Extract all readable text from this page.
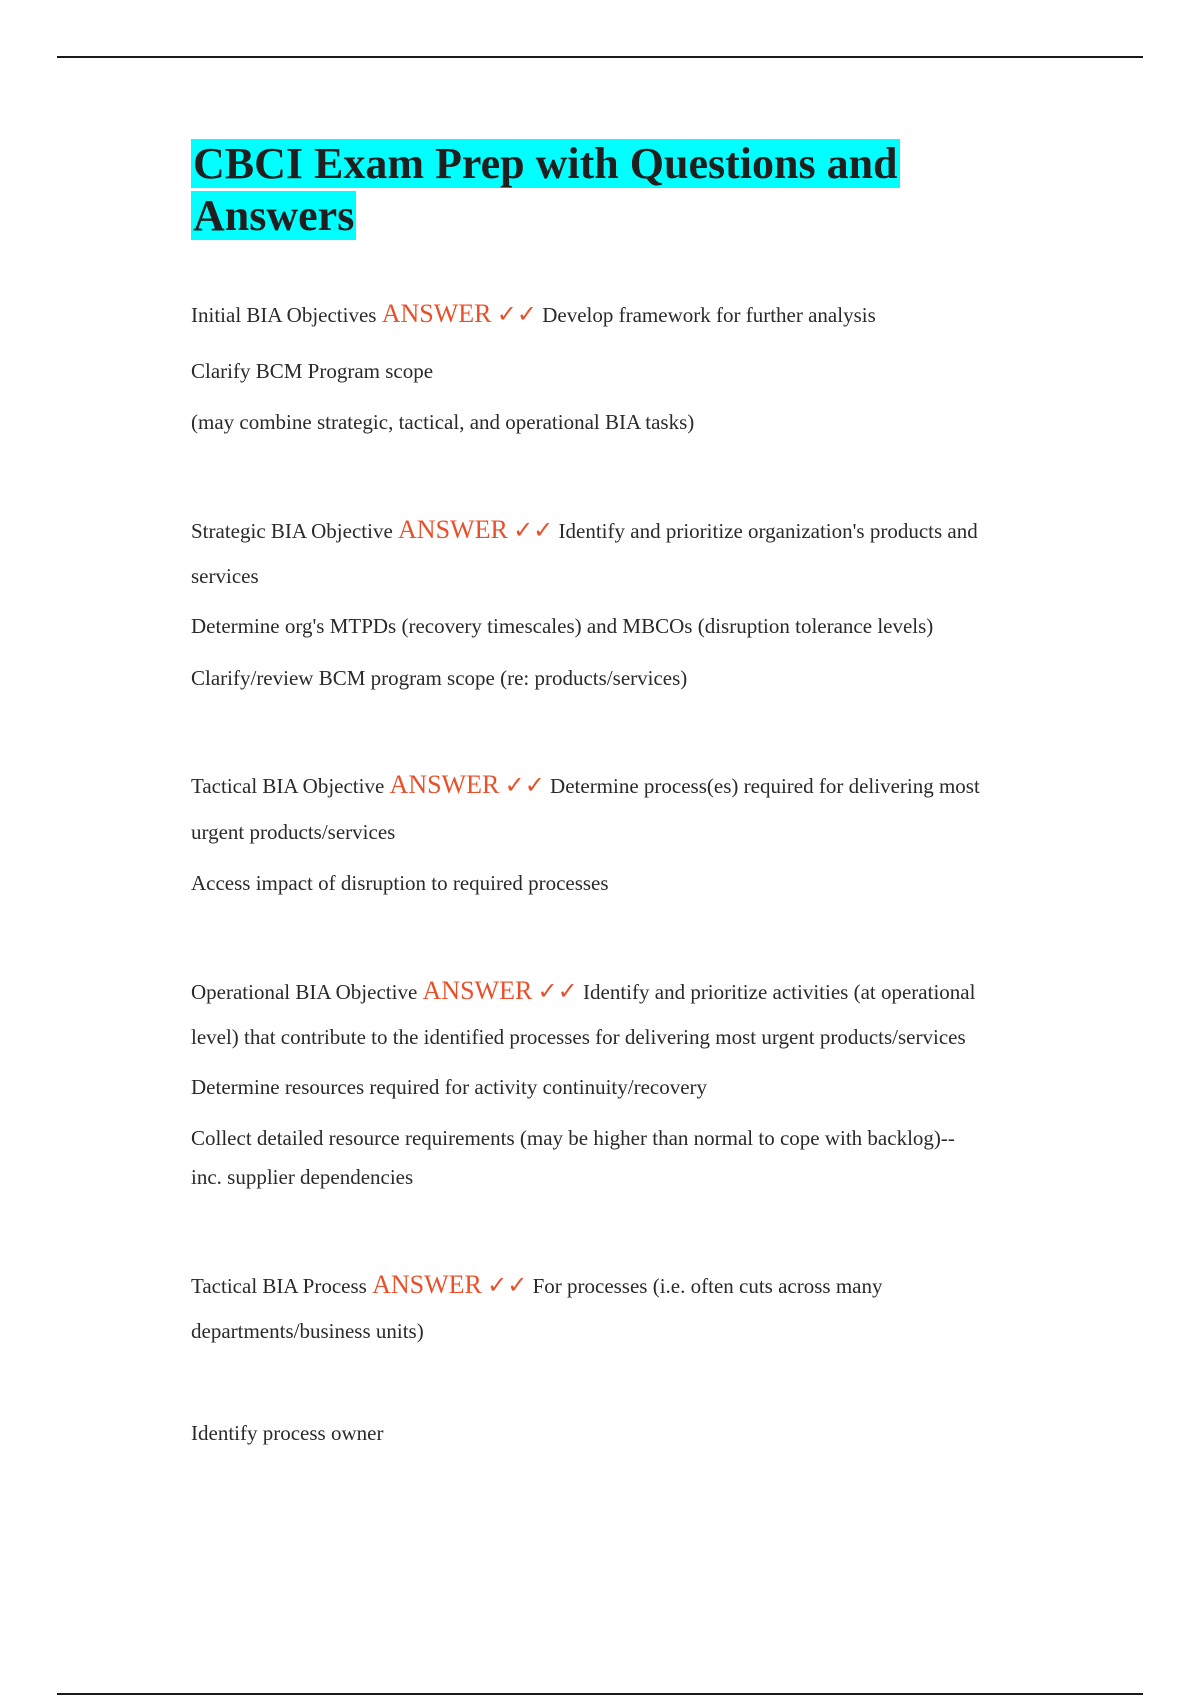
CBCI Exam Prep with Questions and
Answers
Initial BIA Objectives ANSWER ✓✓ Develop framework for further analysis
Clarify BCM Program scope
(may combine strategic, tactical, and operational BIA tasks)
Strategic BIA Objective ANSWER ✓✓ Identify and prioritize organization's products and
services
Determine org's MTPDs (recovery timescales) and MBCOs (disruption tolerance levels)
Clarify/review BCM program scope (re: products/services)
Tactical BIA Objective ANSWER ✓✓ Determine process(es) required for delivering most
urgent products/services
Access impact of disruption to required processes
Operational BIA Objective ANSWER ✓✓ Identify and prioritize activities (at operational
level) that contribute to the identified processes for delivering most urgent products/services
Determine resources required for activity continuity/recovery
Collect detailed resource requirements (may be higher than normal to cope with backlog)--
inc. supplier dependencies
Tactical BIA Process ANSWER ✓✓ For processes (i.e. often cuts across many
departments/business units)
Identify process owner
